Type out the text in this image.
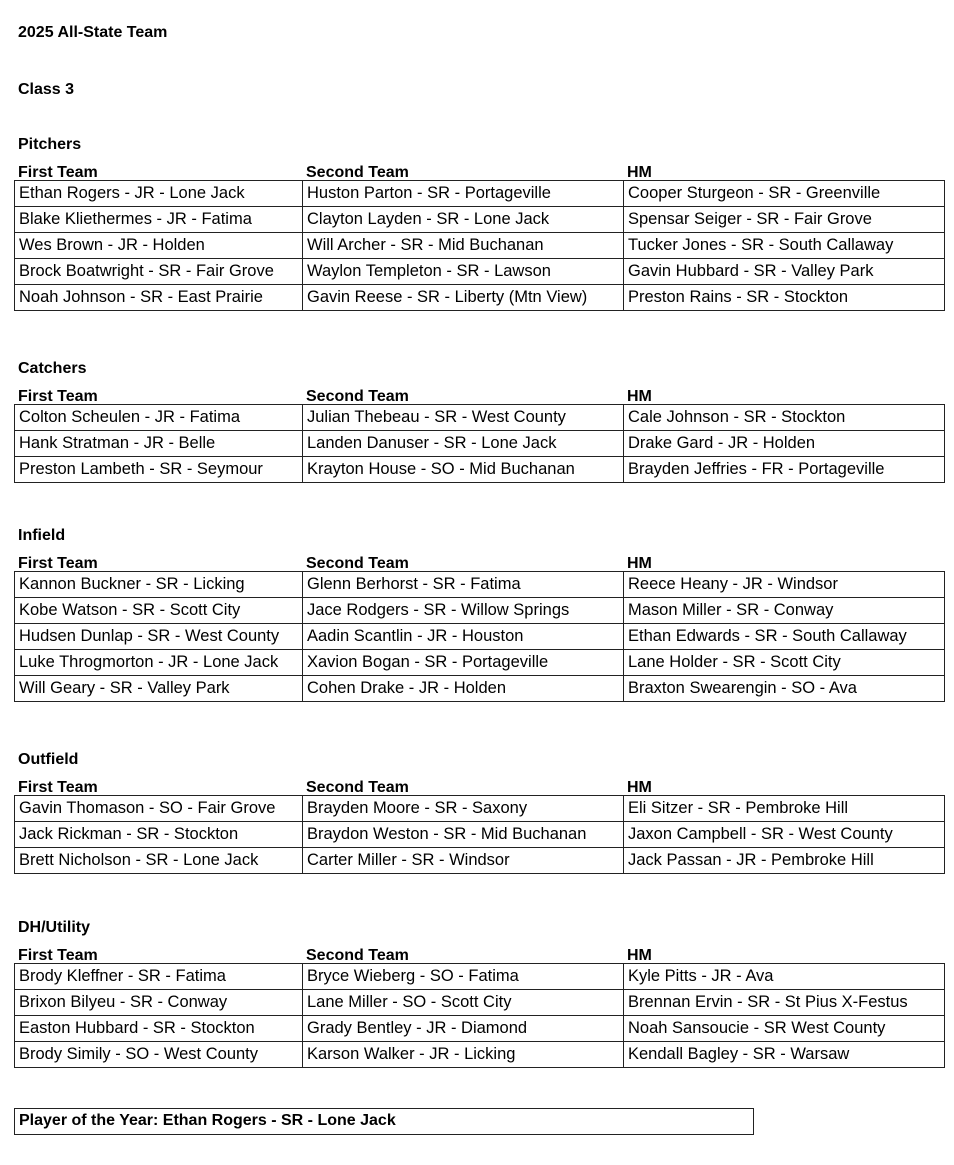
2025 All-State Team
Class 3
Pitchers
First Team	Second Team	HM
Ethan Rogers - JR - Lone Jack	Huston Parton - SR - Portageville	Cooper Sturgeon - SR - Greenville
Blake Kliethermes - JR - Fatima	Clayton Layden - SR - Lone Jack	Spensar Seiger - SR - Fair Grove
Wes Brown - JR - Holden	Will Archer - SR - Mid Buchanan	Tucker Jones - SR - South Callaway
Brock Boatwright - SR - Fair Grove	Waylon Templeton - SR - Lawson	Gavin Hubbard - SR - Valley Park
Noah Johnson - SR - East Prairie	Gavin Reese - SR - Liberty (Mtn View)	Preston Rains - SR - Stockton
Catchers
First Team	Second Team	HM
Colton Scheulen - JR - Fatima	Julian Thebeau - SR - West County	Cale Johnson - SR - Stockton
Hank Stratman - JR - Belle	Landen Danuser - SR - Lone Jack	Drake Gard - JR - Holden
Preston Lambeth - SR - Seymour	Krayton House - SO - Mid Buchanan	Brayden Jeffries - FR - Portageville
Infield
First Team	Second Team	HM
Kannon Buckner - SR - Licking	Glenn Berhorst - SR - Fatima	Reece Heany - JR - Windsor
Kobe Watson - SR - Scott City	Jace Rodgers - SR - Willow Springs	Mason Miller - SR - Conway
Hudsen Dunlap - SR - West County	Aadin Scantlin - JR - Houston	Ethan Edwards - SR - South Callaway
Luke Throgmorton - JR - Lone Jack	Xavion Bogan - SR - Portageville	Lane Holder - SR - Scott City
Will Geary - SR - Valley Park	Cohen Drake - JR - Holden	Braxton Swearengin - SO - Ava
Outfield
First Team	Second Team	HM
Gavin Thomason - SO - Fair Grove	Brayden Moore - SR - Saxony	Eli Sitzer - SR - Pembroke Hill
Jack Rickman - SR - Stockton	Braydon Weston - SR - Mid Buchanan	Jaxon Campbell - SR - West County
Brett Nicholson - SR - Lone Jack	Carter Miller - SR - Windsor	Jack Passan - JR - Pembroke Hill
DH/Utility
First Team	Second Team	HM
Brody Kleffner - SR - Fatima	Bryce Wieberg - SO - Fatima	Kyle Pitts - JR - Ava
Brixon Bilyeu - SR - Conway	Lane Miller - SO - Scott City	Brennan Ervin - SR - St Pius X-Festus
Easton Hubbard - SR - Stockton	Grady Bentley - JR - Diamond	Noah Sansoucie - SR West County
Brody Simily - SO - West County	Karson Walker - JR - Licking	Kendall Bagley - SR - Warsaw
Player of the Year: Ethan Rogers - SR - Lone Jack
